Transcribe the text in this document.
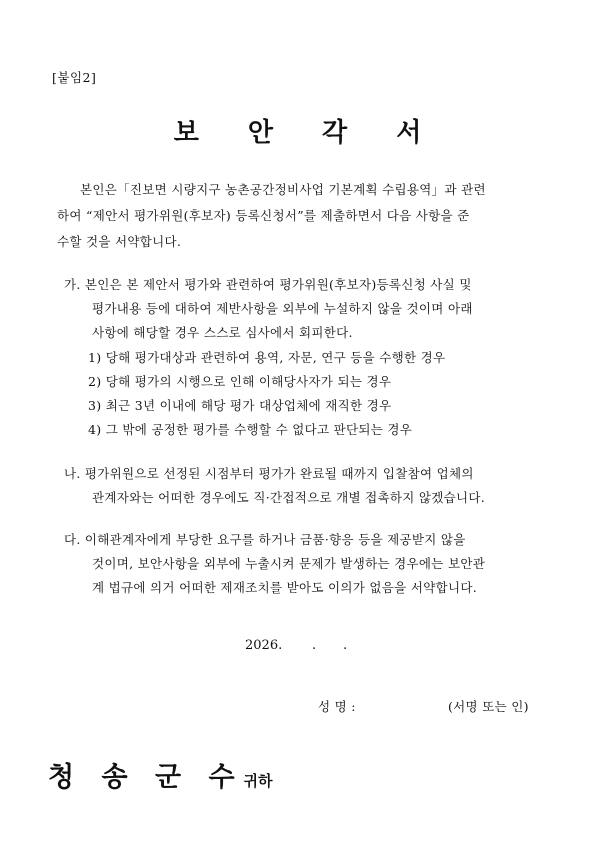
[붙임2]
보 안 각 서
본인은「진보면 시량지구 농촌공간정비사업 기본계획 수립용역」과 관련
하여 “제안서 평가위원(후보자) 등록신청서”를 제출하면서 다음 사항을 준
수할 것을 서약합니다.
가. 본인은 본 제안서 평가와 관련하여 평가위원(후보자)등록신청 사실 및
평가내용 등에 대하여 제반사항을 외부에 누설하지 않을 것이며 아래
사항에 해당할 경우 스스로 심사에서 회피한다.
1) 당해 평가대상과 관련하여 용역, 자문, 연구 등을 수행한 경우
2) 당해 평가의 시행으로 인해 이해당사자가 되는 경우
3) 최근 3년 이내에 해당 평가 대상업체에 재직한 경우
4) 그 밖에 공정한 평가를 수행할 수 없다고 판단되는 경우
나. 평가위원으로 선정된 시점부터 평가가 완료될 때까지 입찰참여 업체의
관계자와는 어떠한 경우에도 직·간접적으로 개별 접촉하지 않겠습니다.
다. 이해관계자에게 부당한 요구를 하거나 금품·향응 등을 제공받지 않을
것이며, 보안사항을 외부에 누출시켜 문제가 발생하는 경우에는 보안관
계 법규에 의거 어떠한 제재조치를 받아도 이의가 없음을 서약합니다.
2026. . .
성 명 :	(서명 또는 인)
청 송 군 수귀하
